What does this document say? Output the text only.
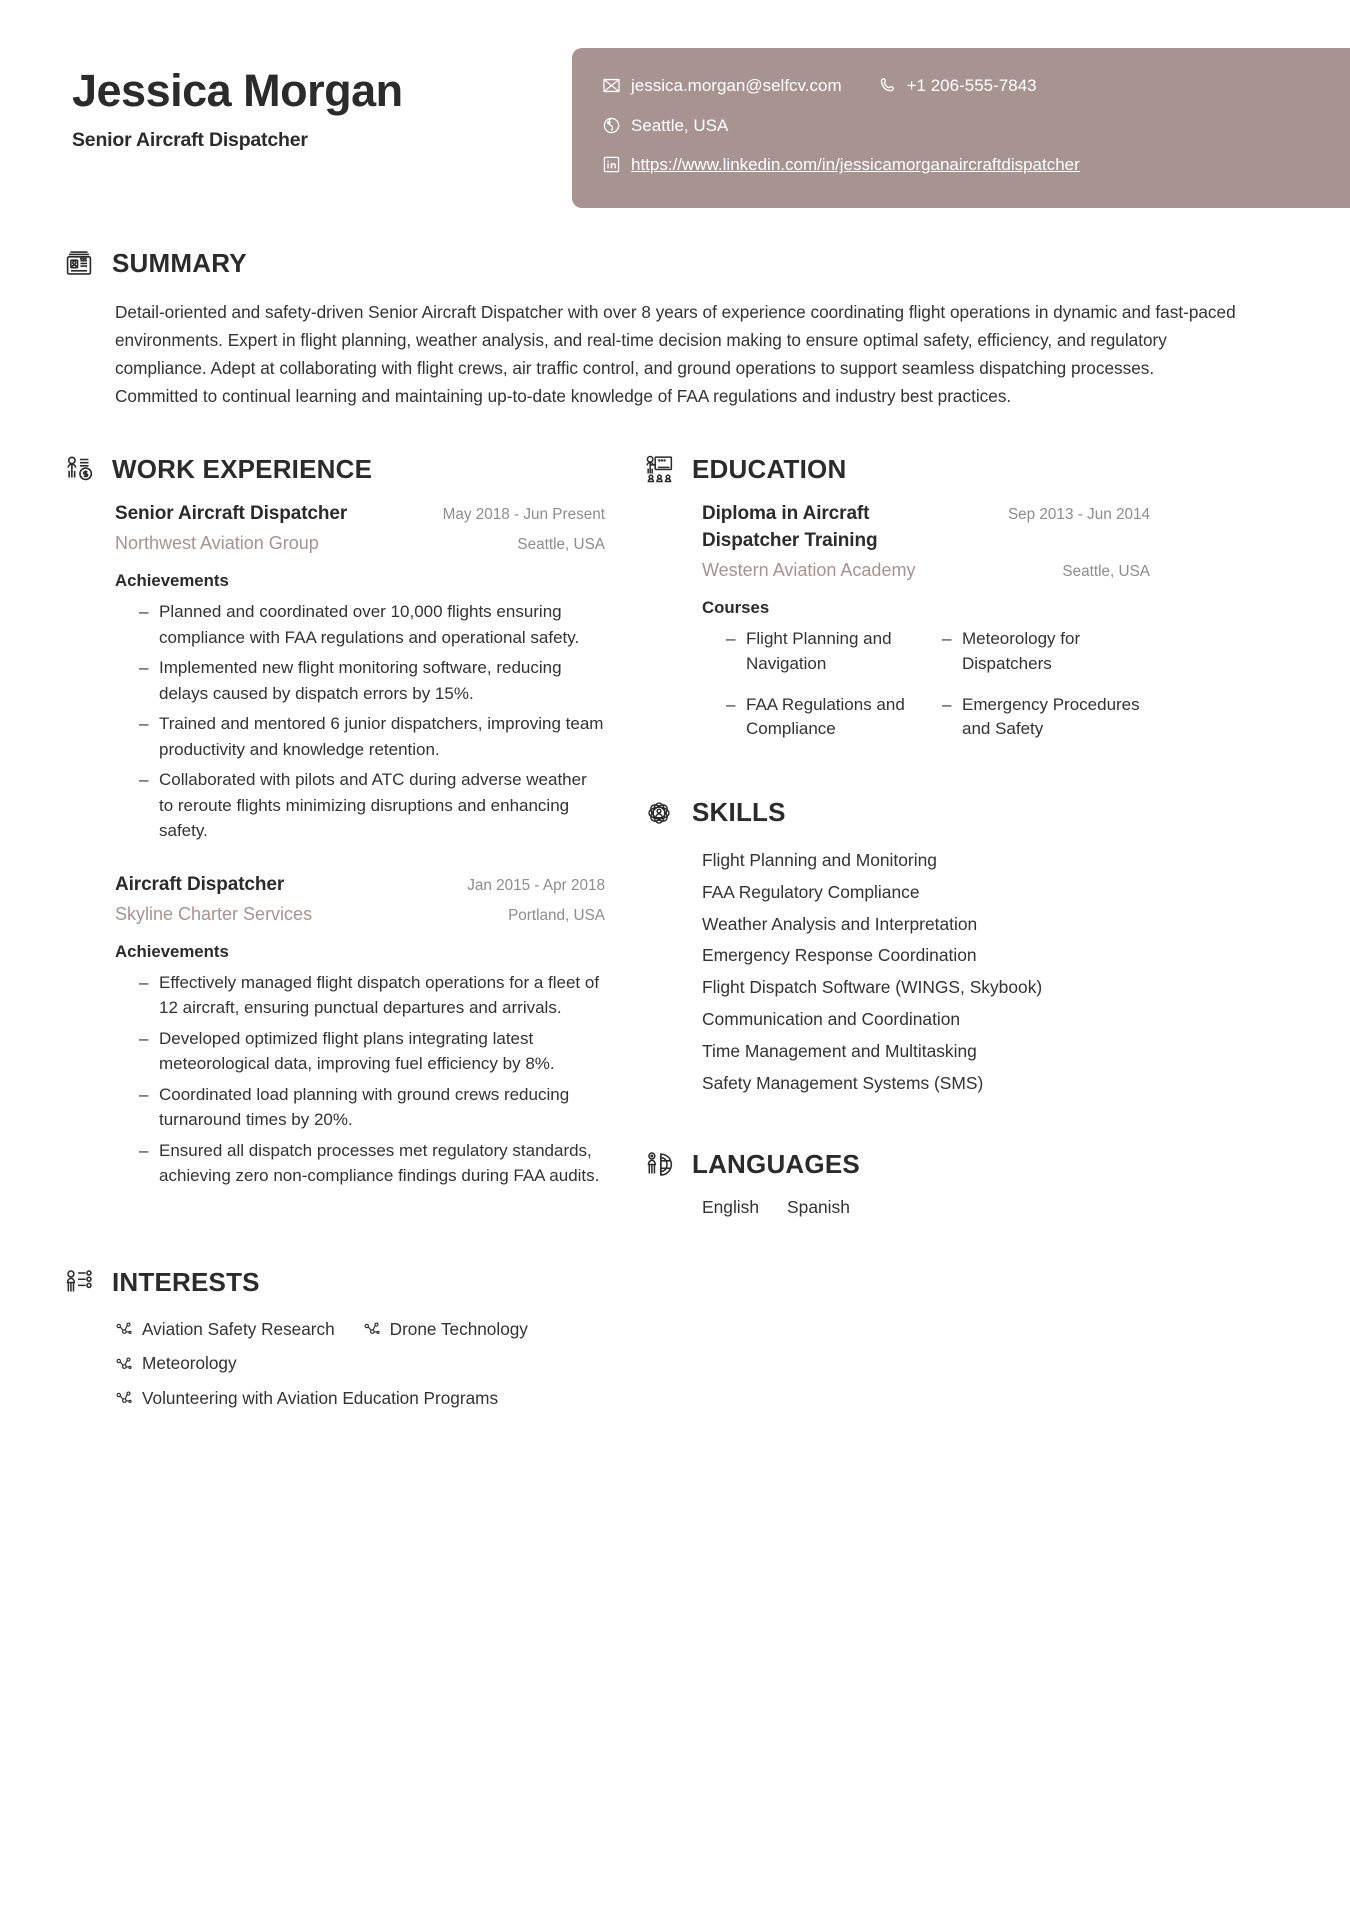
Jessica Morgan
Senior Aircraft Dispatcher
jessica.morgan@selfcv.com	+1 206-555-7843
Seattle, USA
https://www.linkedin.com/in/jessicamorganaircraftdispatcher
SUMMARY

Detail-oriented and safety-driven Senior Aircraft Dispatcher with over 8 years of experience coordinating flight operations in dynamic and fast-paced environments. Expert in flight planning, weather analysis, and real-time decision making to ensure optimal safety, efficiency, and regulatory compliance. Adept at collaborating with flight crews, air traffic control, and ground operations to support seamless dispatching processes. Committed to continual learning and maintaining up-to-date knowledge of FAA regulations and industry best practices.

WORK EXPERIENCE
Senior Aircraft Dispatcher	May 2018 - Jun Present
Northwest Aviation Group	Seattle, USA
Achievements
– Planned and coordinated over 10,000 flights ensuring compliance with FAA regulations and operational safety.
– Implemented new flight monitoring software, reducing delays caused by dispatch errors by 15%.
– Trained and mentored 6 junior dispatchers, improving team productivity and knowledge retention.
– Collaborated with pilots and ATC during adverse weather to reroute flights minimizing disruptions and enhancing safety.
Aircraft Dispatcher	Jan 2015 - Apr 2018
Skyline Charter Services	Portland, USA
Achievements
– Effectively managed flight dispatch operations for a fleet of 12 aircraft, ensuring punctual departures and arrivals.
– Developed optimized flight plans integrating latest meteorological data, improving fuel efficiency by 8%.
– Coordinated load planning with ground crews reducing turnaround times by 20%.
– Ensured all dispatch processes met regulatory standards, achieving zero non-compliance findings during FAA audits.
EDUCATION
Diploma in Aircraft Dispatcher Training
Sep 2013 - Jun 2014
Western Aviation Academy	Seattle, USA
Courses
– Flight Planning and Navigation
– Meteorology for Dispatchers
– FAA Regulations and Compliance
– Emergency Procedures and Safety
SKILLS
Flight Planning and Monitoring
FAA Regulatory Compliance
Weather Analysis and Interpretation
Emergency Response Coordination
Flight Dispatch Software (WINGS, Skybook)
Communication and Coordination
Time Management and Multitasking
Safety Management Systems (SMS)
LANGUAGES
English Spanish
INTERESTS
Aviation Safety Research	Drone Technology
Meteorology
Volunteering with Aviation Education Programs
